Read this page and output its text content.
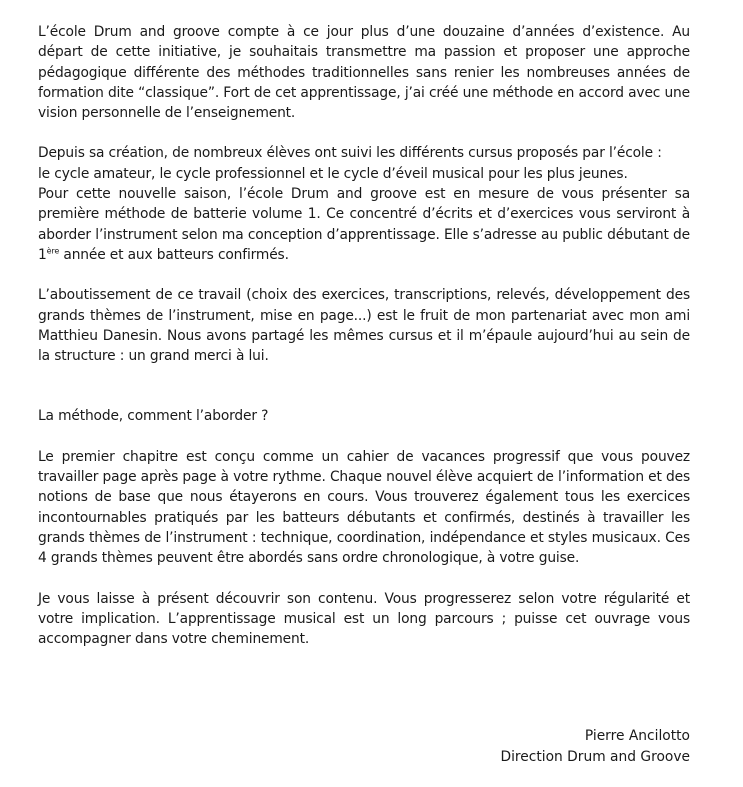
L’école Drum and groove compte à ce jour plus d’une douzaine d’années d’existence. Au départ de cette initiative, je souhaitais transmettre ma passion et proposer une approche pédagogique différente des méthodes traditionnelles sans renier les nombreuses années de formation dite “classique”. Fort de cet apprentissage, j’ai créé une méthode en accord avec une vision personnelle de l’enseignement.

Depuis sa création, de nombreux élèves ont suivi les différents cursus proposés par l’école :

le cycle amateur, le cycle professionnel et le cycle d’éveil musical pour les plus jeunes.

Pour cette nouvelle saison, l’école Drum and groove est en mesure de vous présenter sa première méthode de batterie volume 1. Ce concentré d’écrits et d’exercices vous serviront à aborder l’instrument selon ma conception d’apprentissage. Elle s’adresse au public débutant de 1ère année et aux batteurs confirmés.

L’aboutissement de ce travail (choix des exercices, transcriptions, relevés, développement des grands thèmes de l’instrument, mise en page...) est le fruit de mon partenariat avec mon ami Matthieu Danesin. Nous avons partagé les mêmes cursus et il m’épaule aujourd’hui au sein de la structure : un grand merci à lui.

La méthode, comment l’aborder ?

Le premier chapitre est conçu comme un cahier de vacances progressif que vous pouvez travailler page après page à votre rythme. Chaque nouvel élève acquiert de l’information et des notions de base que nous étayerons en cours. Vous trouverez également tous les exercices incontournables pratiqués par les batteurs débutants et confirmés, destinés à travailler les grands thèmes de l’instrument : technique, coordination, indépendance et styles musicaux. Ces 4 grands thèmes peuvent être abordés sans ordre chronologique, à votre guise.

Je vous laisse à présent découvrir son contenu. Vous progresserez selon votre régularité et votre implication. L’apprentissage musical est un long parcours ; puisse cet ouvrage vous accompagner dans votre cheminement.

Pierre Ancilotto
Direction Drum and Groove
